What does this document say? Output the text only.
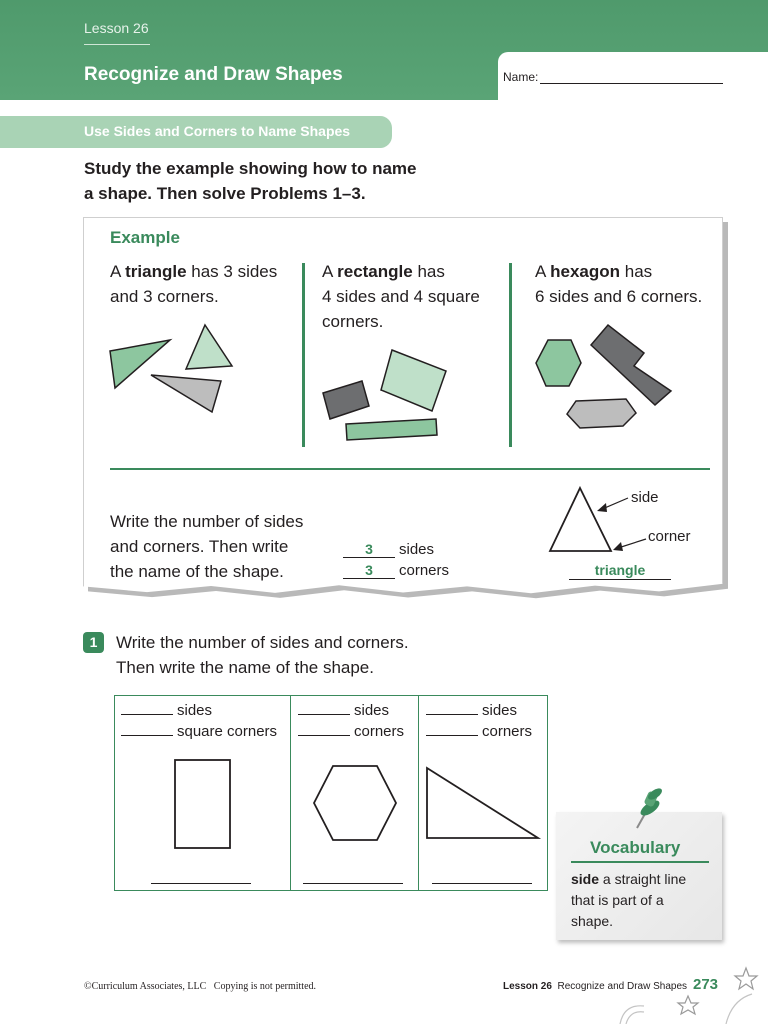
Lesson 26
Recognize and Draw Shapes	Name:
Use Sides and Corners to Name Shapes
Study the example showing how to name
a shape. Then solve Problems 1–3.
Example
A triangle has 3 sides
and 3 corners.
A rectangle has
4 sides and 4 square
corners.
A hexagon has
6 sides and 6 corners.
Write the number of sides
and corners. Then write
the name of the shape.
3 sides
3 corners
side
corner
triangle
1	Write the number of sides and corners.
Then write the name of the shape.
sides
square corners
sides
corners
sides
corners
Vocabulary
side a straight line
that is part of a
shape.
©Curriculum Associates, LLC   Copying is not permitted.	Lesson 26 Recognize and Draw Shapes 273
